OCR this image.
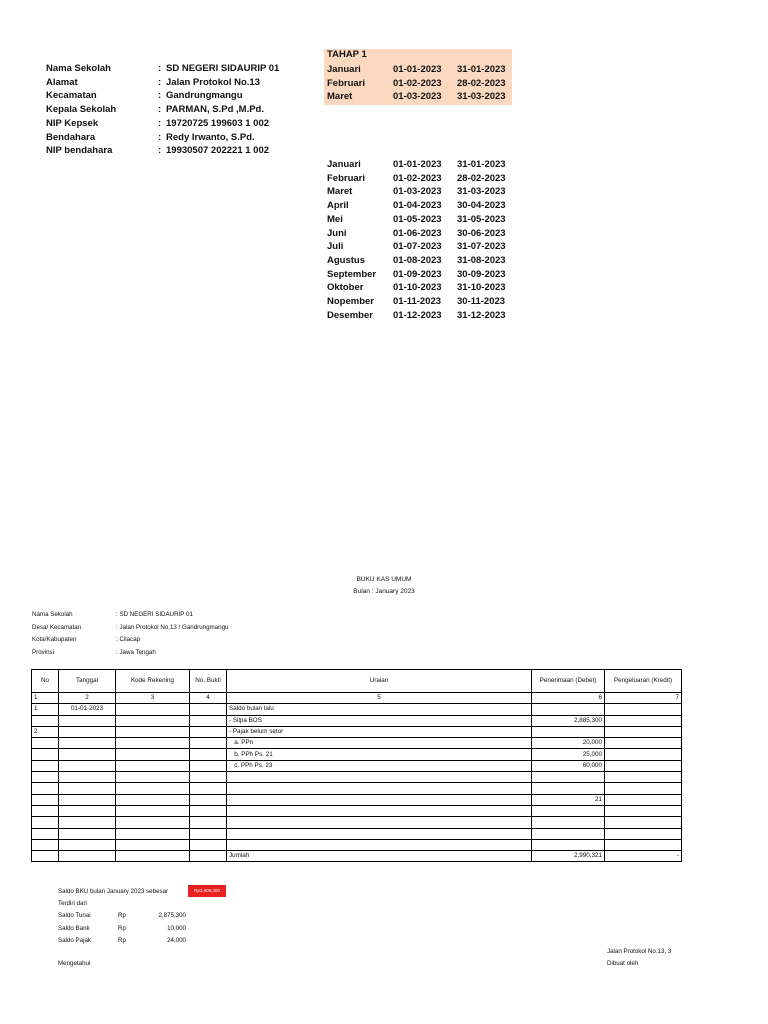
Nama Sekolah	: SD NEGERI SIDAURIP 01
Alamat	: Jalan Protokol No.13
Kecamatan	: Gandrungmangu
Kepala Sekolah	: PARMAN, S.Pd ,M.Pd.
NIP Kepsek	: 19720725 199603 1 002
Bendahara	: Redy Irwanto, S.Pd.
NIP bendahara	: 19930507 202221 1 002
TAHAP 1
Januari	01-01-2023 31-01-2023
Februari	01-02-2023 28-02-2023
Maret	01-03-2023 31-03-2023
Januari	01-01-2023 31-01-2023
Februari	01-02-2023 28-02-2023
Maret	01-03-2023 31-03-2023
April	01-04-2023 30-04-2023
Mei	01-05-2023 31-05-2023
Juni	01-06-2023 30-06-2023
Juli	01-07-2023 31-07-2023
Agustus	01-08-2023 31-08-2023
September 01-09-2023 30-09-2023
Oktober	01-10-2023 31-10-2023
Nopember 01-11-2023 30-11-2023
Desember 01-12-2023 31-12-2023
BUKU KAS UMUM
Bulan : January 2023
Nama Sekolah	: SD NEGERI SIDAURIP 01
Desa/ Kecamatan	: Jalan Protokol No.13 / Gandrungmangu
Kota/Kabupaten	: Cilacap
Provinsi	: Jawa Tengah
No	Tanggal	Kode Rekening	No. Bukti	Uraian	Penerimaan (Debet)	Pengeluaran (Kredit)
1	2	3	4	5	6	7
1	01-01-2023			Saldo bulan lalu		
				- Silpa BOS	2,885,300	
2				- Pajak belum setor		
				a. PPn	20,000	
				b. PPh Ps. 21	25,000	
				c. PPh Ps. 23	60,000	

					21	

				Jumlah	2,990,321	-
Saldo BKU bulan January 2023 sebesar	Rp2,909,300
Terdiri dari
Saldo Tunai	Rp	2,875,300
Saldo Bank	Rp	10,000
Saldo Pajak	Rp	24,000
Jalan Protokol No.13, 3
Dibuat oleh
Mengetahui
